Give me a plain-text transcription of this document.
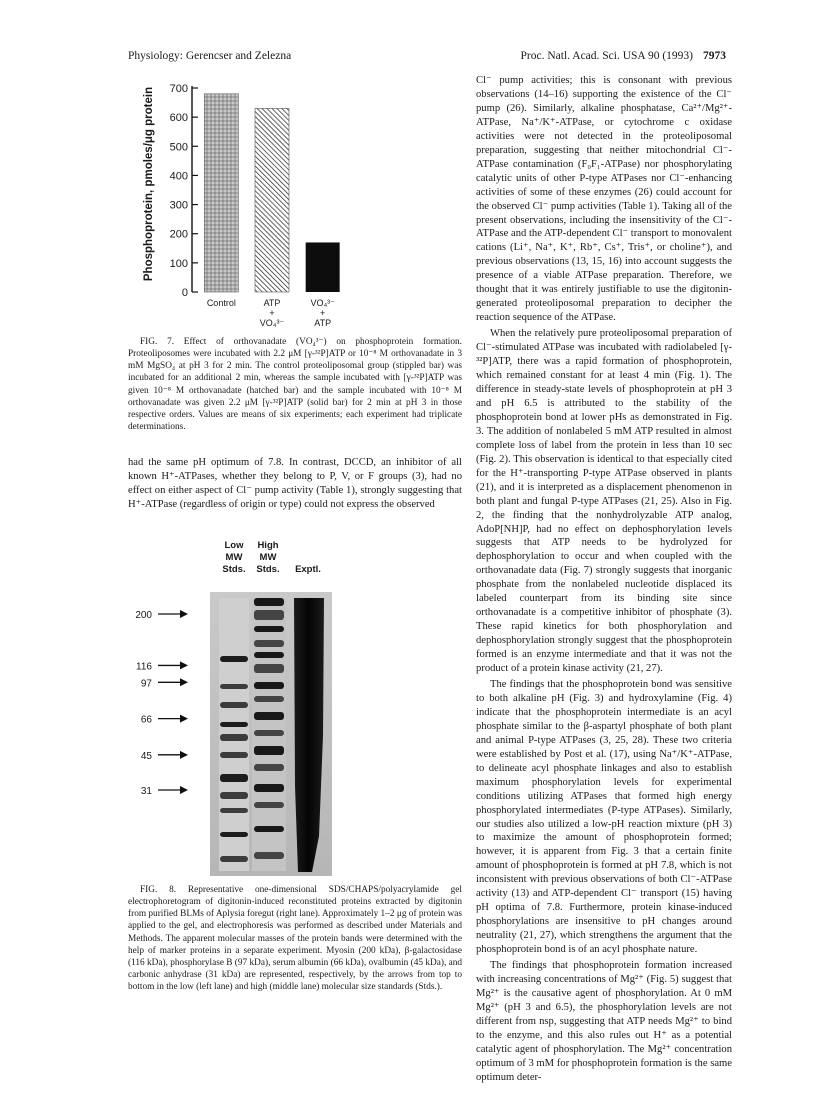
Physiology: Gerencser and Zelezna	Proc. Natl. Acad. Sci. USA 90 (1993) 7973
Phosphoprotein, pmoles/μg protein
0
100
200
300
400
500
600
700
Control	ATP
+
VO₄³⁻
VO₄³⁻
+
ATP

FIG. 7. Effect of orthovanadate (VO₄³⁻) on phosphoprotein formation. Proteoliposomes were incubated with 2.2 μM [γ-³²P]ATP or 10⁻⁸ M orthovanadate in 3 mM MgSO₄ at pH 3 for 2 min. The control proteoliposomal group (stippled bar) was incubated for an additional 2 min, whereas the sample incubated with [γ-³²P]ATP was given 10⁻⁸ M orthovanadate (hatched bar) and the sample incubated with 10⁻⁸ M orthovanadate was given 2.2 μM [γ-³²P]ATP (solid bar) for 2 min at pH 3 in those respective orders. Values are means of six experiments; each experiment had triplicate determinations.

had the same pH optimum of 7.8. In contrast, DCCD, an inhibitor of all known H⁺-ATPases, whether they belong to P, V, or F groups (3), had no effect on either aspect of Cl⁻ pump activity (Table 1), strongly suggesting that H⁺-ATPase (regardless of origin or type) could not express the observed

Low
MW
Stds.
High
MW
Stds. Exptl.
200
116
97
66
45
31

FIG. 8. Representative one-dimensional SDS/CHAPS/polyacrylamide gel electrophoretogram of digitonin-induced reconstituted proteins extracted by digitonin from purified BLMs of Aplysia foregut (right lane). Approximately 1–2 μg of protein was applied to the gel, and electrophoresis was performed as described under Materials and Methods. The apparent molecular masses of the protein bands were determined with the help of marker proteins in a separate experiment. Myosin (200 kDa), β-galactosidase (116 kDa), phosphorylase B (97 kDa), serum albumin (66 kDa), ovalbumin (45 kDa), and carbonic anhydrase (31 kDa) are represented, respectively, by the arrows from top to bottom in the low (left lane) and high (middle lane) molecular size standards (Stds.).

Cl⁻ pump activities; this is consonant with previous observations (14–16) supporting the existence of the Cl⁻ pump (26). Similarly, alkaline phosphatase, Ca²⁺/Mg²⁺-ATPase, Na⁺/K⁺-ATPase, or cytochrome c oxidase activities were not detected in the proteoliposomal preparation, suggesting that neither mitochondrial Cl⁻-ATPase contamination (F₀F₁-ATPase) nor phosphorylating catalytic units of other P-type ATPases nor Cl⁻-enhancing activities of some of these enzymes (26) could account for the observed Cl⁻ pump activities (Table 1). Taking all of the present observations, including the insensitivity of the Cl⁻-ATPase and the ATP-dependent Cl⁻ transport to monovalent cations (Li⁺, Na⁺, K⁺, Rb⁺, Cs⁺, Tris⁺, or choline⁺), and previous observations (13, 15, 16) into account suggests the presence of a viable ATPase preparation. Therefore, we thought that it was entirely justifiable to use the digitonin-generated proteoliposomal preparation to decipher the reaction sequence of the ATPase.

When the relatively pure proteoliposomal preparation of Cl⁻-stimulated ATPase was incubated with radiolabeled [γ-³²P]ATP, there was a rapid formation of phosphoprotein, which remained constant for at least 4 min (Fig. 1). The difference in steady-state levels of phosphoprotein at pH 3 and pH 6.5 is attributed to the stability of the phosphoprotein bond at lower pHs as demonstrated in Fig. 3. The addition of nonlabeled 5 mM ATP resulted in almost complete loss of label from the protein in less than 10 sec (Fig. 2). This observation is identical to that especially cited for the H⁺-transporting P-type ATPase observed in plants (21), and it is interpreted as a displacement phenomenon in both plant and fungal P-type ATPases (21, 25). Also in Fig. 2, the finding that the nonhydrolyzable ATP analog, AdoP[NH]P, had no effect on dephosphorylation levels suggests that ATP needs to be hydrolyzed for dephosphorylation to occur and when coupled with the orthovanadate data (Fig. 7) strongly suggests that inorganic phosphate from the nonlabeled nucleotide displaced its labeled counterpart from its binding site since orthovanadate is a competitive inhibitor of phosphate (3). These rapid kinetics for both phosphorylation and dephosphorylation strongly suggest that the phosphoprotein formed is an enzyme intermediate and that it was not the product of a protein kinase activity (21, 27).

The findings that the phosphoprotein bond was sensitive to both alkaline pH (Fig. 3) and hydroxylamine (Fig. 4) indicate that the phosphoprotein intermediate is an acyl phosphate similar to the β-aspartyl phosphate of both plant and animal P-type ATPases (3, 25, 28). These two criteria were established by Post et al. (17), using Na⁺/K⁺-ATPase, to delineate acyl phosphate linkages and also to establish maximum phosphorylation levels for experimental conditions utilizing ATPases that formed high energy phosphorylated intermediates (P-type ATPases). Similarly, our studies also utilized a low-pH reaction mixture (pH 3) to maximize the amount of phosphoprotein formed; however, it is apparent from Fig. 3 that a certain finite amount of phosphoprotein is formed at pH 7.8, which is not inconsistent with previous observations of both Cl⁻-ATPase activity (13) and ATP-dependent Cl⁻ transport (15) having pH optima of 7.8. Furthermore, protein kinase-induced phosphorylations are insensitive to pH changes around neutrality (21, 27), which strengthens the argument that the phosphoprotein bond is of an acyl phosphate nature.

The findings that phosphoprotein formation increased with increasing concentrations of Mg²⁺ (Fig. 5) suggest that Mg²⁺ is the causative agent of phosphorylation. At 0 mM Mg²⁺ (pH 3 and 6.5), the phosphorylation levels are not different from nsp, suggesting that ATP needs Mg²⁺ to bind to the enzyme, and this also rules out H⁺ as a potential catalytic agent of phosphorylation. The Mg²⁺ concentration optimum of 3 mM for phosphoprotein formation is the same optimum deter-
